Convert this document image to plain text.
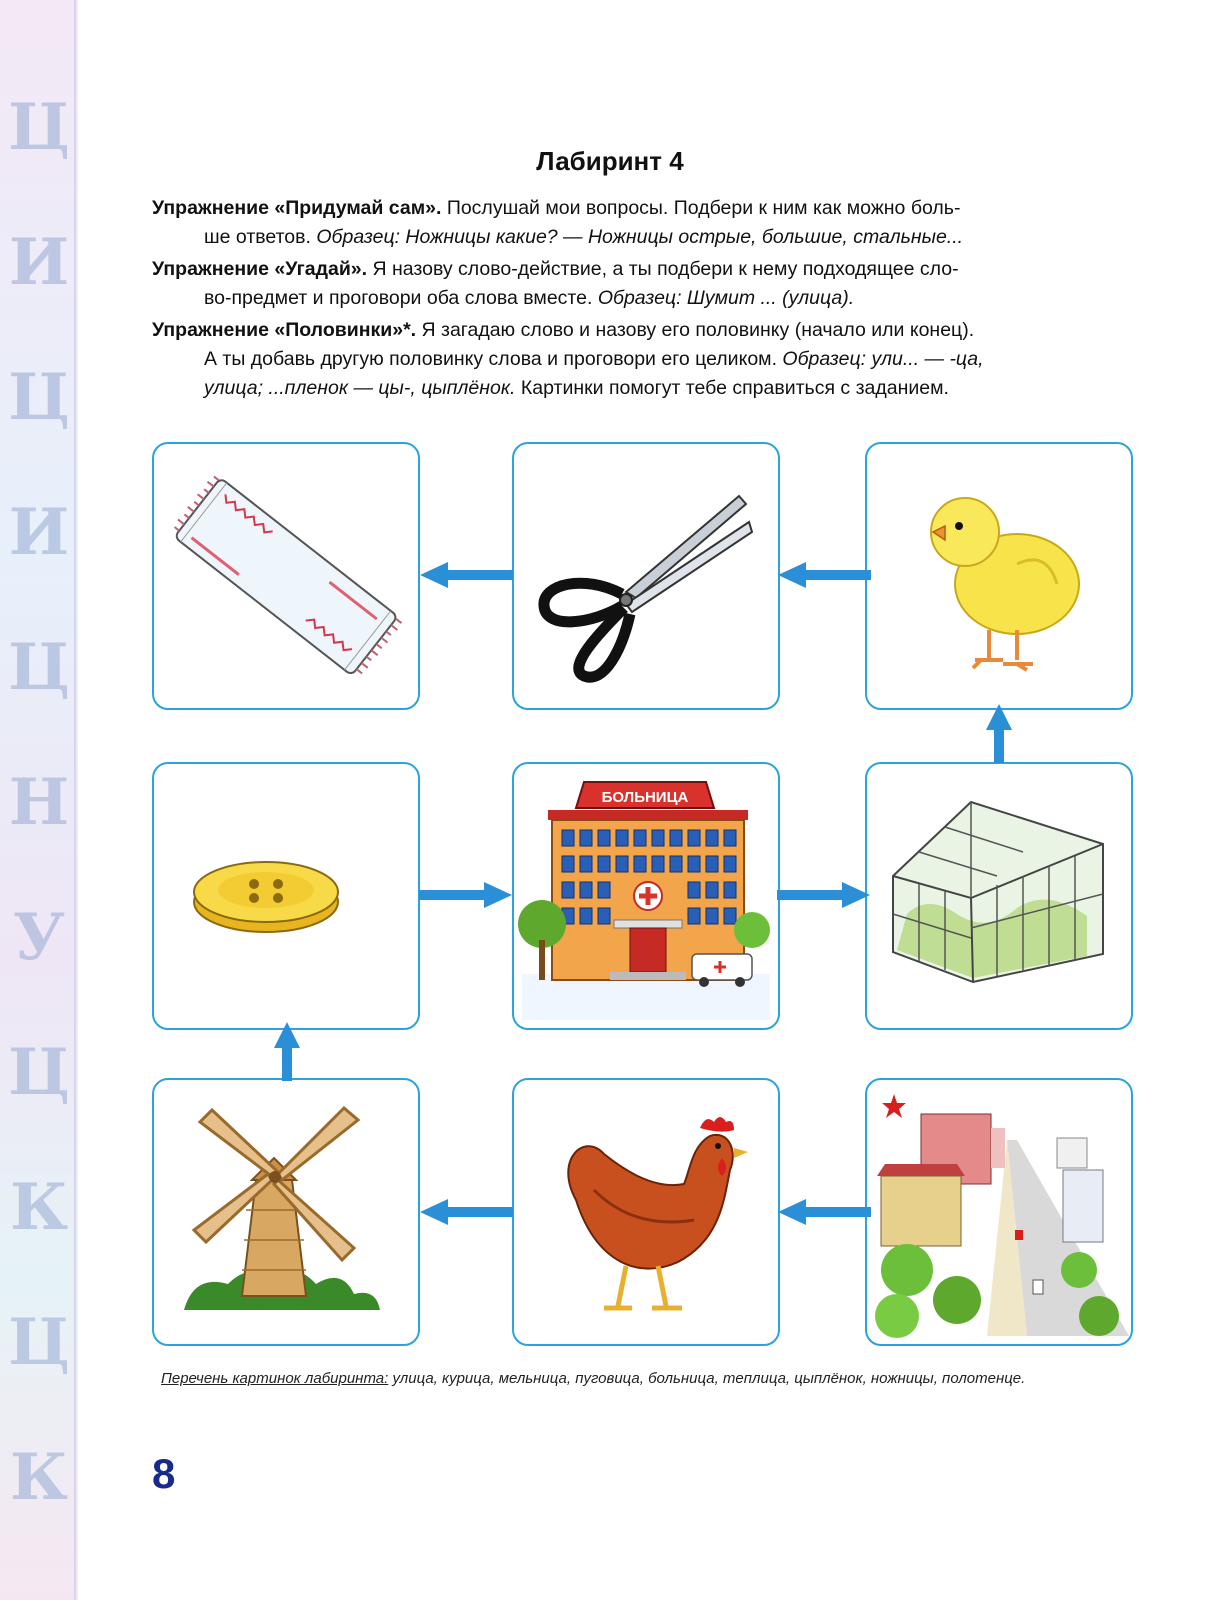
Ц
И
Ц
И
Ц
Н
У
Ц
К
Ц
К
Лабиринт 4
Упражнение «Придумай сам». Послушай мои вопросы. Подбери к ним как можно боль-
ше ответов. Образец: Ножницы какие? — Ножницы острые, большие, стальные...
Упражнение «Угадай». Я назову слово-действие, а ты подбери к нему подходящее сло-
во-предмет и проговори оба слова вместе. Образец: Шумит ... (улица).
Упражнение «Половинки»*. Я загадаю слово и назову его половинку (начало или конец).
А ты добавь другую половинку слова и проговори его целиком. Образец: ули... — -ца,
улица; ...пленок — цы-, цыплёнок. Картинки помогут тебе справиться с заданием.
БОЛЬНИЦА
Перечень картинок лабиринта: улица, курица, мельница, пуговица, больница, теплица, цыплёнок, ножницы, полотенце.
8
